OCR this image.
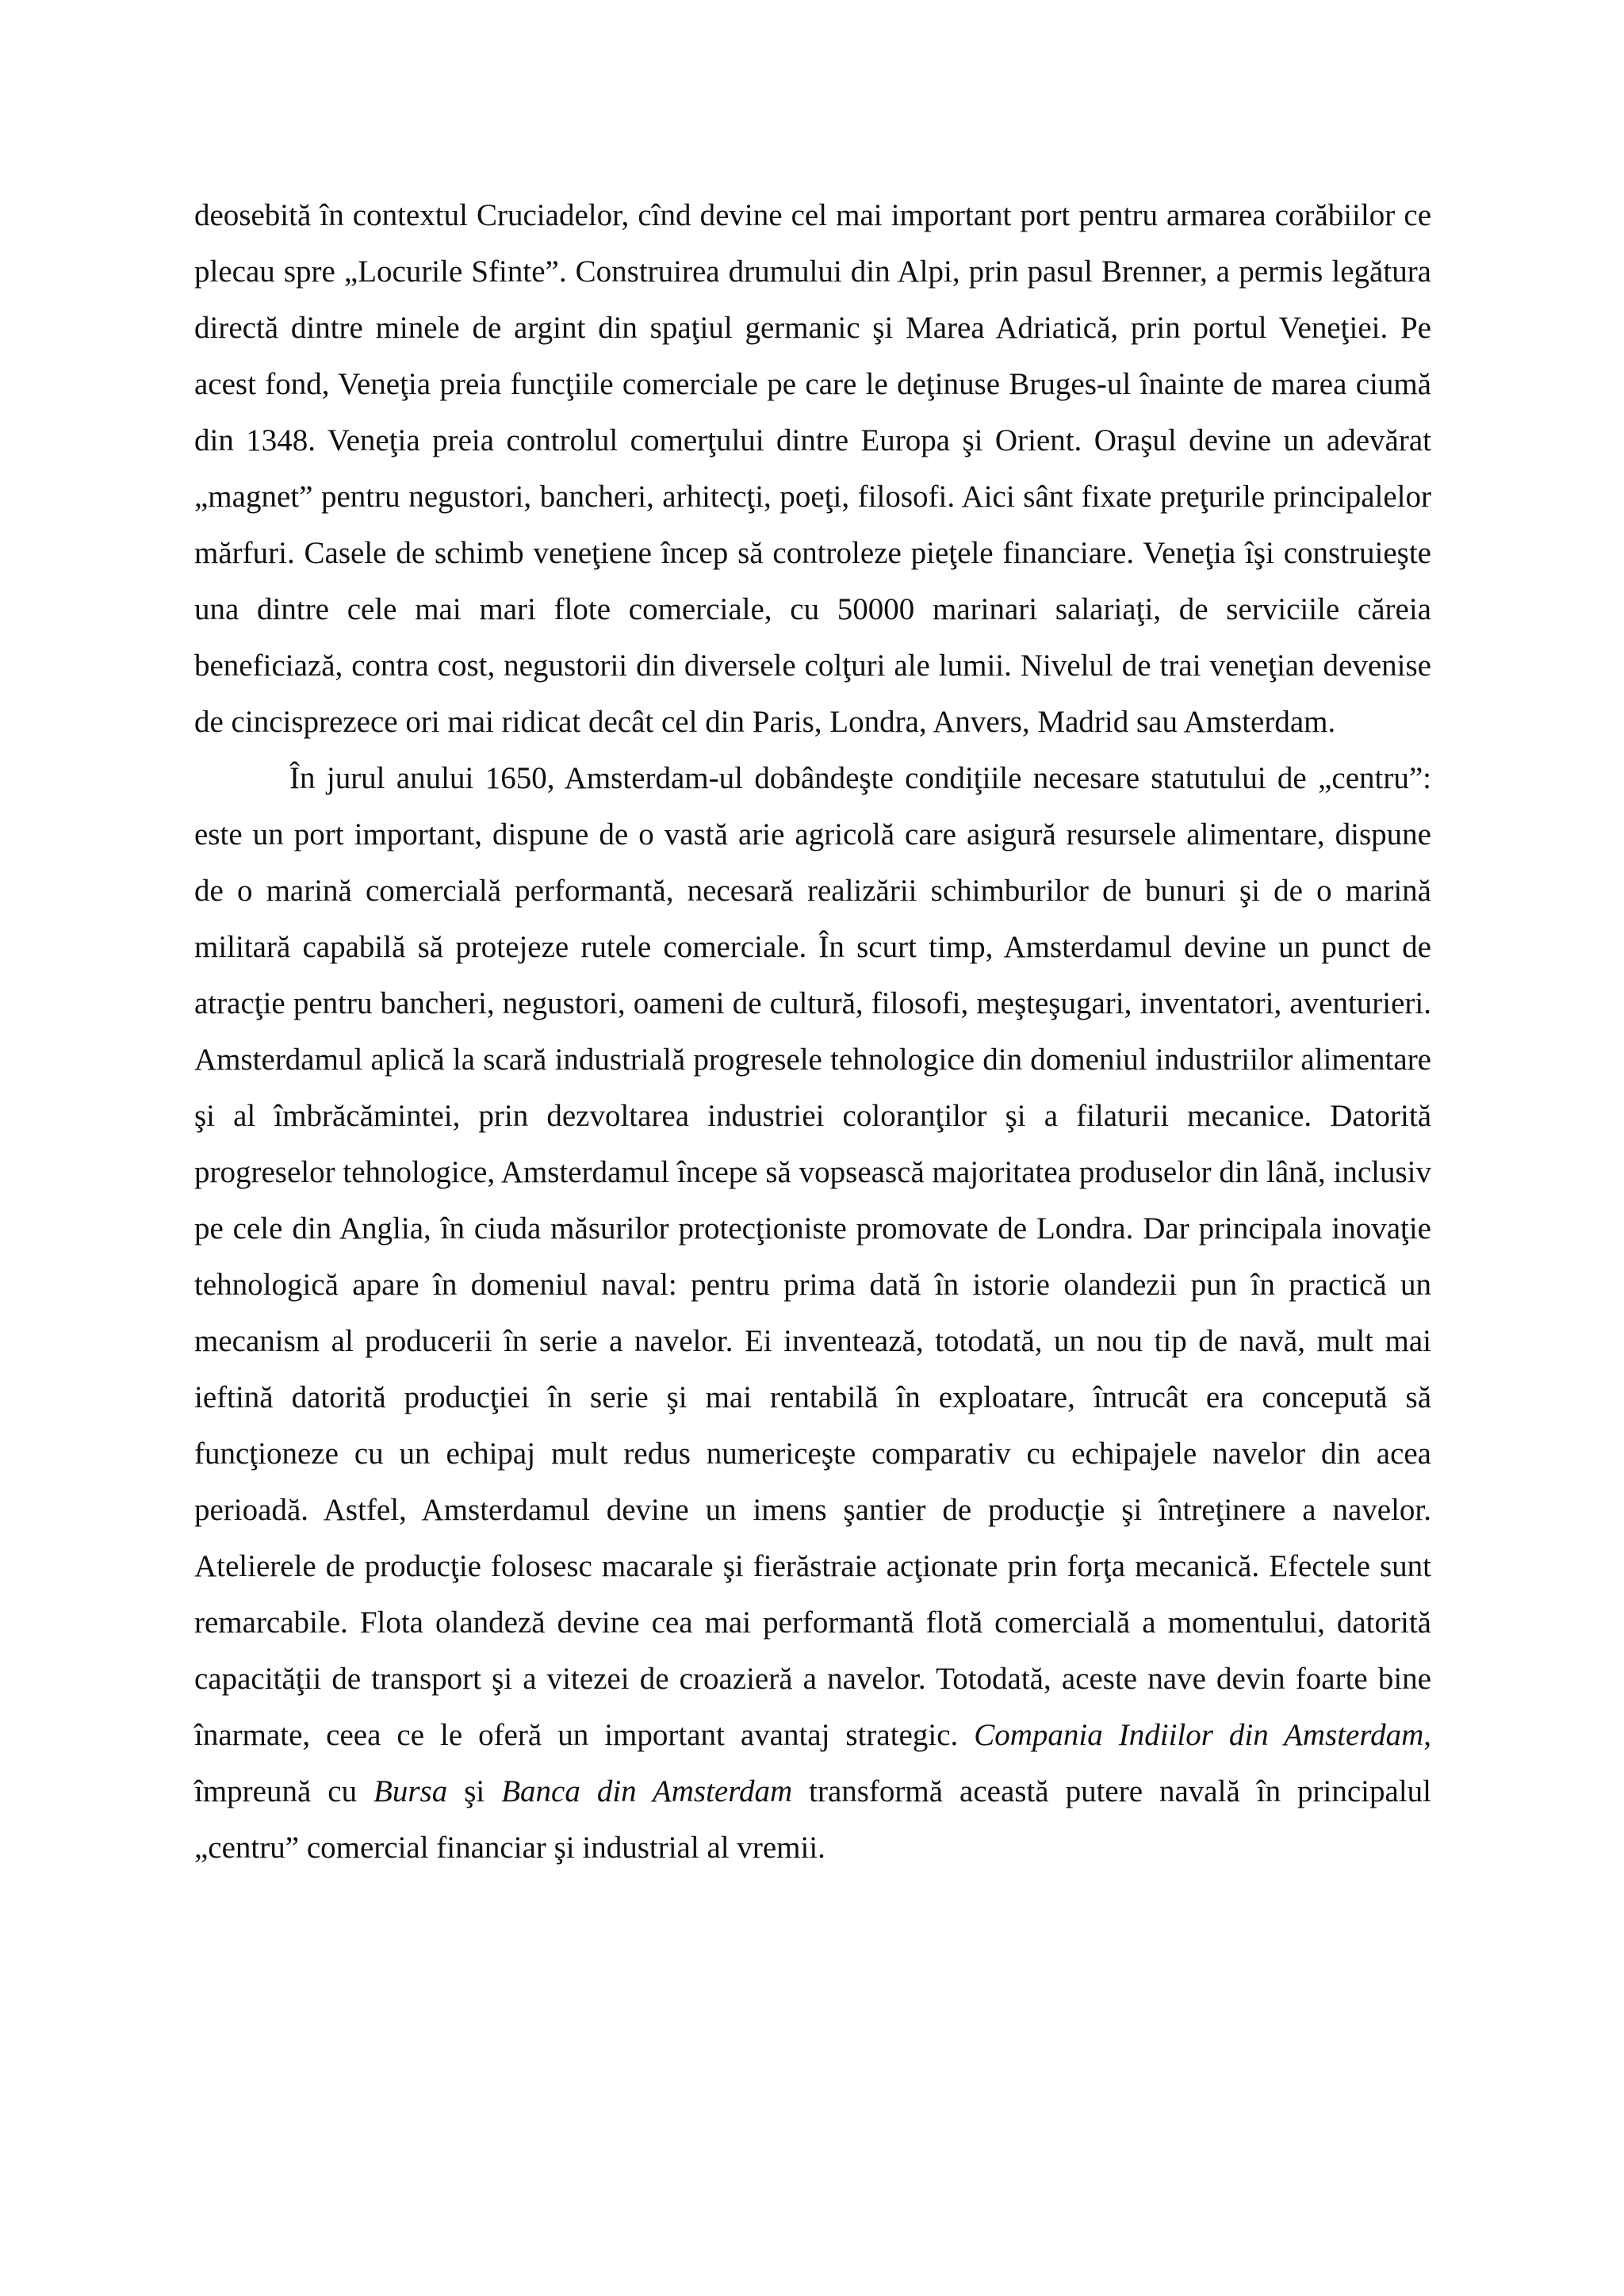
deosebită în contextul Cruciadelor, cînd devine cel mai important port pentru armarea corăbiilor ce plecau spre „Locurile Sfinte”. Construirea drumului din Alpi, prin pasul Brenner, a permis legătura directă dintre minele de argint din spaţiul germanic şi Marea Adriatică, prin portul Veneţiei. Pe acest fond, Veneţia preia funcţiile comerciale pe care le deţinuse Bruges-ul înainte de marea ciumă din 1348. Veneţia preia controlul comerţului dintre Europa şi Orient. Oraşul devine un adevărat „magnet” pentru negustori, bancheri, arhitecţi, poeţi, filosofi. Aici sânt fixate preţurile principalelor mărfuri. Casele de schimb veneţiene încep să controleze pieţele financiare. Veneţia îşi construieşte una dintre cele mai mari flote comerciale, cu 50000 marinari salariaţi, de serviciile căreia beneficiază, contra cost, negustorii din diversele colţuri ale lumii. Nivelul de trai veneţian devenise de cincisprezece ori mai ridicat decât cel din Paris, Londra, Anvers, Madrid sau Amsterdam.

În jurul anului 1650, Amsterdam-ul dobândeşte condiţiile necesare statutului de „centru”: este un port important, dispune de o vastă arie agricolă care asigură resursele alimentare, dispune de o marină comercială performantă, necesară realizării schimburilor de bunuri şi de o marină militară capabilă să protejeze rutele comerciale. În scurt timp, Amsterdamul devine un punct de atracţie pentru bancheri, negustori, oameni de cultură, filosofi, meşteşugari, inventatori, aventurieri. Amsterdamul aplică la scară industrială progresele tehnologice din domeniul industriilor alimentare şi al îmbrăcămintei, prin dezvoltarea industriei coloranţilor şi a filaturii mecanice. Datorită progreselor tehnologice, Amsterdamul începe să vopsească majoritatea produselor din lână, inclusiv pe cele din Anglia, în ciuda măsurilor protecţioniste promovate de Londra. Dar principala inovaţie tehnologică apare în domeniul naval: pentru prima dată în istorie olandezii pun în practică un mecanism al producerii în serie a navelor. Ei inventează, totodată, un nou tip de navă, mult mai ieftină datorită producţiei în serie şi mai rentabilă în exploatare, întrucât era concepută să funcţioneze cu un echipaj mult redus numericeşte comparativ cu echipajele navelor din acea perioadă. Astfel, Amsterdamul devine un imens şantier de producţie şi întreţinere a navelor. Atelierele de producţie folosesc macarale şi fierăstraie acţionate prin forţa mecanică. Efectele sunt remarcabile. Flota olandeză devine cea mai performantă flotă comercială a momentului, datorită capacităţii de transport şi a vitezei de croazieră a navelor. Totodată, aceste nave devin foarte bine înarmate, ceea ce le oferă un important avantaj strategic. Compania Indiilor din Amsterdam, împreună cu Bursa şi Banca din Amsterdam transformă această putere navală în principalul „centru” comercial financiar şi industrial al vremii.
